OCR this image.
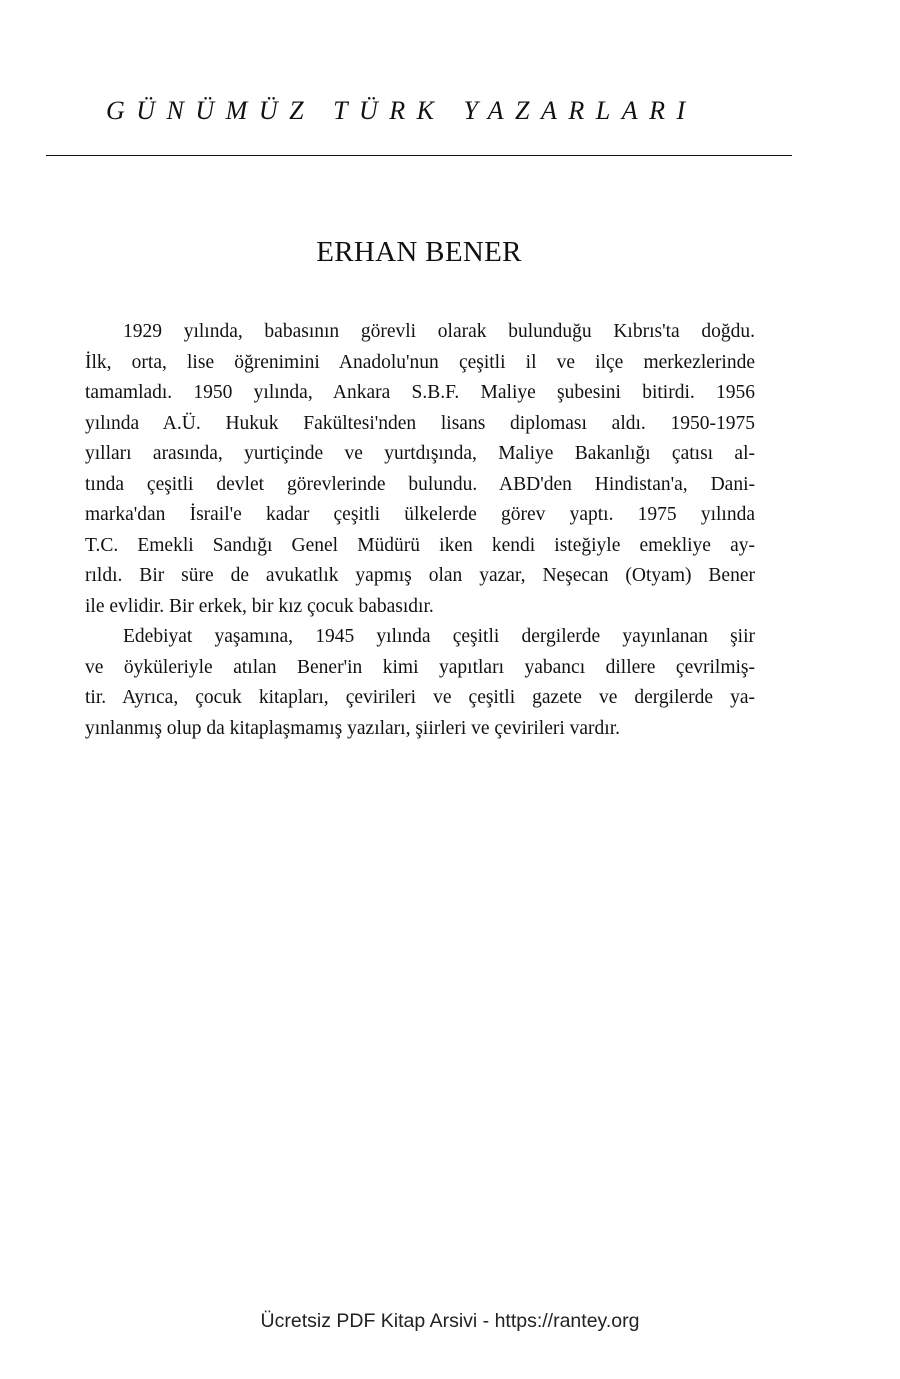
GÜNÜMÜZ TÜRK YAZARLARI
ERHAN BENER
1929 yılında, babasının görevli olarak bulunduğu Kıbrıs'ta doğdu.
İlk, orta, lise öğrenimini Anadolu'nun çeşitli il ve ilçe merkezlerinde
tamamladı. 1950 yılında, Ankara S.B.F. Maliye şubesini bitirdi. 1956
yılında A.Ü. Hukuk Fakültesi'nden lisans diploması aldı. 1950-1975
yılları arasında, yurtiçinde ve yurtdışında, Maliye Bakanlığı çatısı al-
tında çeşitli devlet görevlerinde bulundu. ABD'den Hindistan'a, Dani-
marka'dan İsrail'e kadar çeşitli ülkelerde görev yaptı. 1975 yılında
T.C. Emekli Sandığı Genel Müdürü iken kendi isteğiyle emekliye ay-
rıldı. Bir süre de avukatlık yapmış olan yazar, Neşecan (Otyam) Bener
ile evlidir. Bir erkek, bir kız çocuk babasıdır.
Edebiyat yaşamına, 1945 yılında çeşitli dergilerde yayınlanan şiir
ve öyküleriyle atılan Bener'in kimi yapıtları yabancı dillere çevrilmiş-
tir. Ayrıca, çocuk kitapları, çevirileri ve çeşitli gazete ve dergilerde ya-
yınlanmış olup da kitaplaşmamış yazıları, şiirleri ve çevirileri vardır.
Ücretsiz PDF Kitap Arsivi - https://rantey.org
